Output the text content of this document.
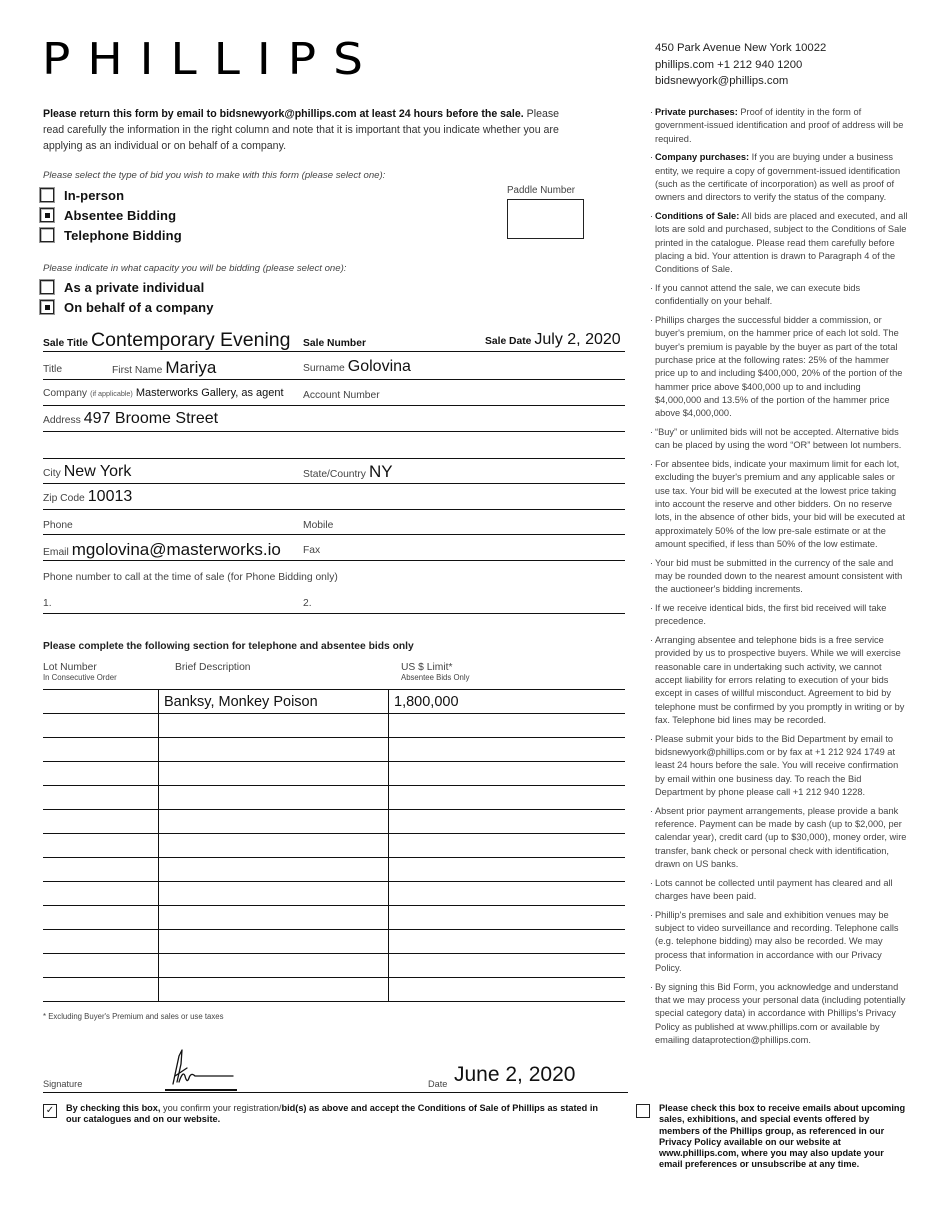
PHILLIPS	450 Park Avenue New York 10022
phillips.com +1 212 940 1200
bidsnewyork@phillips.com
Please return this form by email to bidsnewyork@phillips.com at least 24 hours before the sale. Please read carefully the information in the right column and note that it is important that you indicate whether you are applying as an individual or on behalf of a company.
Please select the type of bid you wish to make with this form (please select one):
In-person
Absentee Bidding
Telephone Bidding
Paddle Number
Please indicate in what capacity you will be bidding (please select one):
As a private individual
On behalf of a company
Sale Title Contemporary Evening Sale Number	Sale Date July 2, 2020
Title	First Name Mariya	Surname Golovina
Company (if applicable) Masterworks Gallery, as agent Account Number
Address 497 Broome Street
City New York	State/Country NY
Zip Code 10013
Phone	Mobile
Email mgolovina@masterworks.io Fax
Phone number to call at the time of sale (for Phone Bidding only)
1.	2.
Please complete the following section for telephone and absentee bids only
Lot Number
In Consecutive Order
Brief Description	US $ Limit*
Absentee Bids Only
	Banksy, Monkey Poison	1,800,000

* Excluding Buyer's Premium and sales or use taxes
Signature	Date June 2, 2020
✓ By checking this box, you confirm your registration/bid(s) as above and accept the Conditions of Sale of Phillips as stated in our catalogues and on our website.
Please check this box to receive emails about upcoming sales, exhibitions, and special events offered by members of the Phillips group, as referenced in our Privacy Policy available on our website at www.phillips.com, where you may also update your email preferences or unsubscribe at any time.
· Private purchases: Proof of identity in the form of government-issued identification and proof of address will be required.
· Company purchases: If you are buying under a business entity, we require a copy of government-issued identification (such as the certificate of incorporation) as well as proof of owners and directors to verify the status of the company.
· Conditions of Sale: All bids are placed and executed, and all lots are sold and purchased, subject to the Conditions of Sale printed in the catalogue. Please read them carefully before placing a bid. Your attention is drawn to Paragraph 4 of the Conditions of Sale.
· If you cannot attend the sale, we can execute bids confidentially on your behalf.
· Phillips charges the successful bidder a commission, or buyer's premium, on the hammer price of each lot sold. The buyer's premium is payable by the buyer as part of the total purchase price at the following rates: 25% of the hammer price up to and including $400,000, 20% of the portion of the hammer price above $400,000 up to and including $4,000,000 and 13.5% of the portion of the hammer price above $4,000,000.
· “Buy” or unlimited bids will not be accepted. Alternative bids can be placed by using the word “OR” between lot numbers.
· For absentee bids, indicate your maximum limit for each lot, excluding the buyer's premium and any applicable sales or use tax. Your bid will be executed at the lowest price taking into account the reserve and other bidders. On no reserve lots, in the absence of other bids, your bid will be executed at approximately 50% of the low pre-sale estimate or at the amount specified, if less than 50% of the low estimate.
· Your bid must be submitted in the currency of the sale and may be rounded down to the nearest amount consistent with the auctioneer's bidding increments.
· If we receive identical bids, the first bid received will take precedence.
· Arranging absentee and telephone bids is a free service provided by us to prospective buyers. While we will exercise reasonable care in undertaking such activity, we cannot accept liability for errors relating to execution of your bids except in cases of willful misconduct. Agreement to bid by telephone must be confirmed by you promptly in writing or by fax. Telephone bid lines may be recorded.
· Please submit your bids to the Bid Department by email to bidsnewyork@phillips.com or by fax at +1 212 924 1749 at least 24 hours before the sale. You will receive confirmation by email within one business day. To reach the Bid Department by phone please call +1 212 940 1228.
· Absent prior payment arrangements, please provide a bank reference. Payment can be made by cash (up to $2,000, per calendar year), credit card (up to $30,000), money order, wire transfer, bank check or personal check with identification, drawn on US banks.
· Lots cannot be collected until payment has cleared and all charges have been paid.
· Phillip's premises and sale and exhibition venues may be subject to video surveillance and recording. Telephone calls (e.g. telephone bidding) may also be recorded. We may process that information in accordance with our Privacy Policy.
· By signing this Bid Form, you acknowledge and understand that we may process your personal data (including potentially special category data) in accordance with Phillips's Privacy Policy as published at www.phillips.com or available by emailing dataprotection@phillips.com.
